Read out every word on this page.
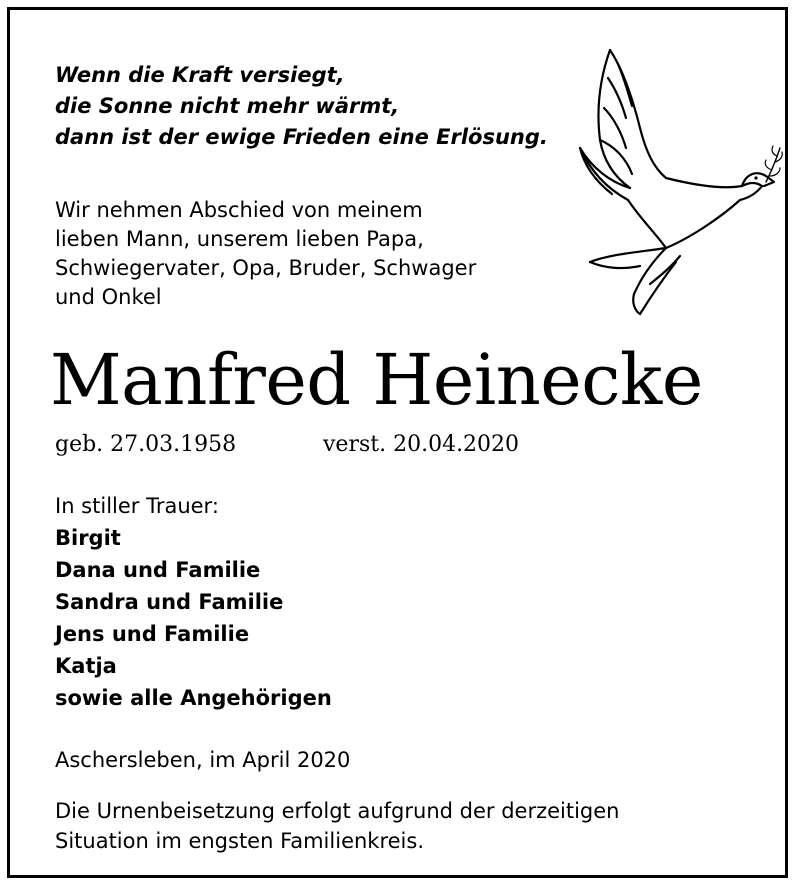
Wenn die Kraft versiegt,
die Sonne nicht mehr wärmt,
dann ist der ewige Frieden eine Erlösung.

Wir nehmen Abschied von meinem
lieben Mann, unserem lieben Papa,
Schwiegervater, Opa, Bruder, Schwager
und Onkel

Manfred Heinecke
geb. 27.03.1958	verst. 20.04.2020

In stiller Trauer:
Birgit
Dana und Familie
Sandra und Familie
Jens und Familie
Katja
sowie alle Angehörigen

Aschersleben, im April 2020

Die Urnenbeisetzung erfolgt aufgrund der derzeitigen
Situation im engsten Familienkreis.
